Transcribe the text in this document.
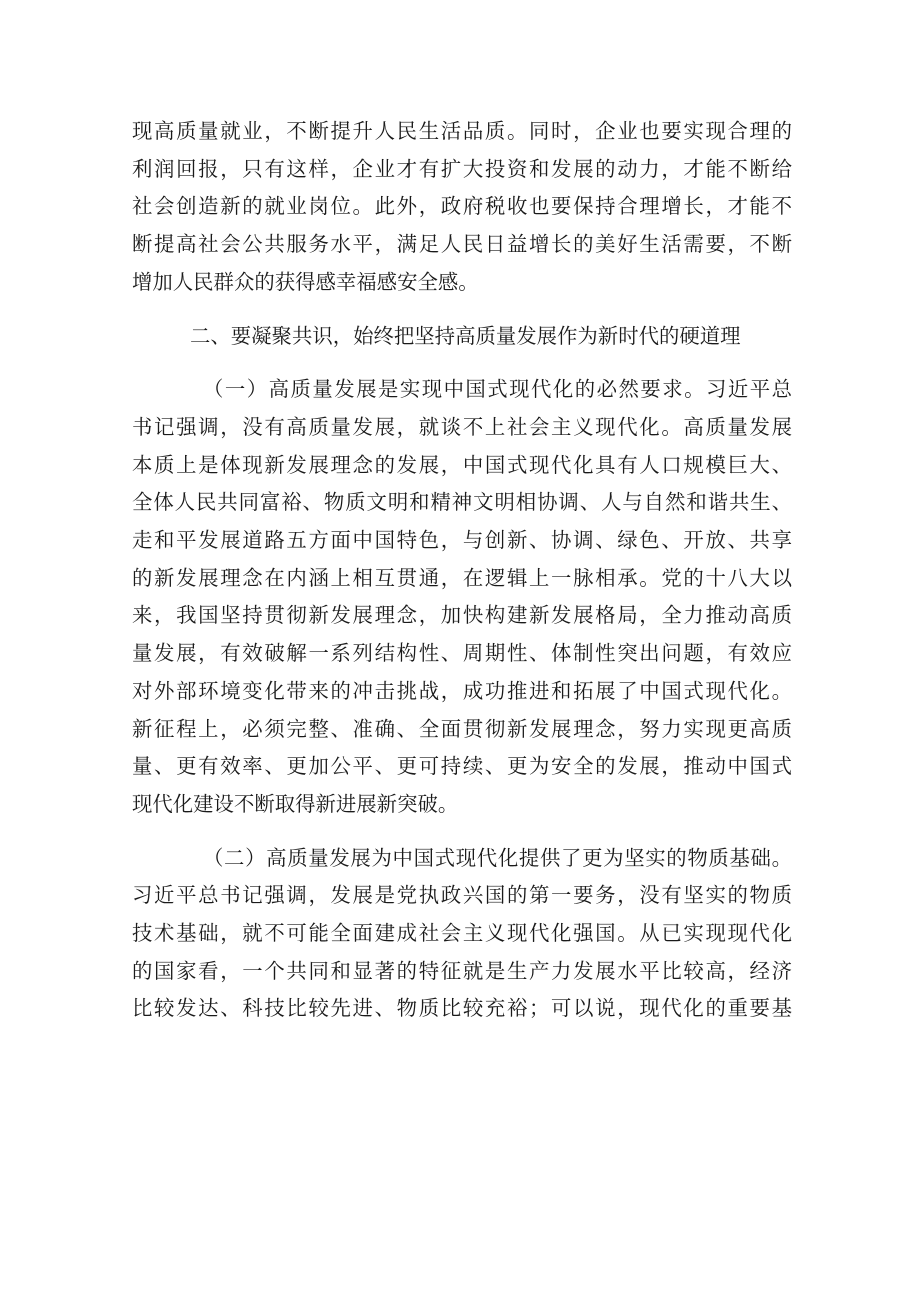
现高质量就业，不断提升人民生活品质。同时，企业也要实现合理的
利润回报，只有这样，企业才有扩大投资和发展的动力，才能不断给
社会创造新的就业岗位。此外，政府税收也要保持合理增长，才能不
断提高社会公共服务水平，满足人民日益增长的美好生活需要，不断
增加人民群众的获得感幸福感安全感。
二、要凝聚共识，始终把坚持高质量发展作为新时代的硬道理
（一）高质量发展是实现中国式现代化的必然要求。习近平总
书记强调，没有高质量发展，就谈不上社会主义现代化。高质量发展
本质上是体现新发展理念的发展，中国式现代化具有人口规模巨大、
全体人民共同富裕、物质文明和精神文明相协调、人与自然和谐共生、
走和平发展道路五方面中国特色，与创新、协调、绿色、开放、共享
的新发展理念在内涵上相互贯通，在逻辑上一脉相承。党的十八大以
来，我国坚持贯彻新发展理念，加快构建新发展格局，全力推动高质
量发展，有效破解一系列结构性、周期性、体制性突出问题，有效应
对外部环境变化带来的冲击挑战，成功推进和拓展了中国式现代化。
新征程上，必须完整、准确、全面贯彻新发展理念，努力实现更高质
量、更有效率、更加公平、更可持续、更为安全的发展，推动中国式
现代化建设不断取得新进展新突破。
（二）高质量发展为中国式现代化提供了更为坚实的物质基础。
习近平总书记强调，发展是党执政兴国的第一要务，没有坚实的物质
技术基础，就不可能全面建成社会主义现代化强国。从已实现现代化
的国家看，一个共同和显著的特征就是生产力发展水平比较高，经济
比较发达、科技比较先进、物质比较充裕；可以说，现代化的重要基
